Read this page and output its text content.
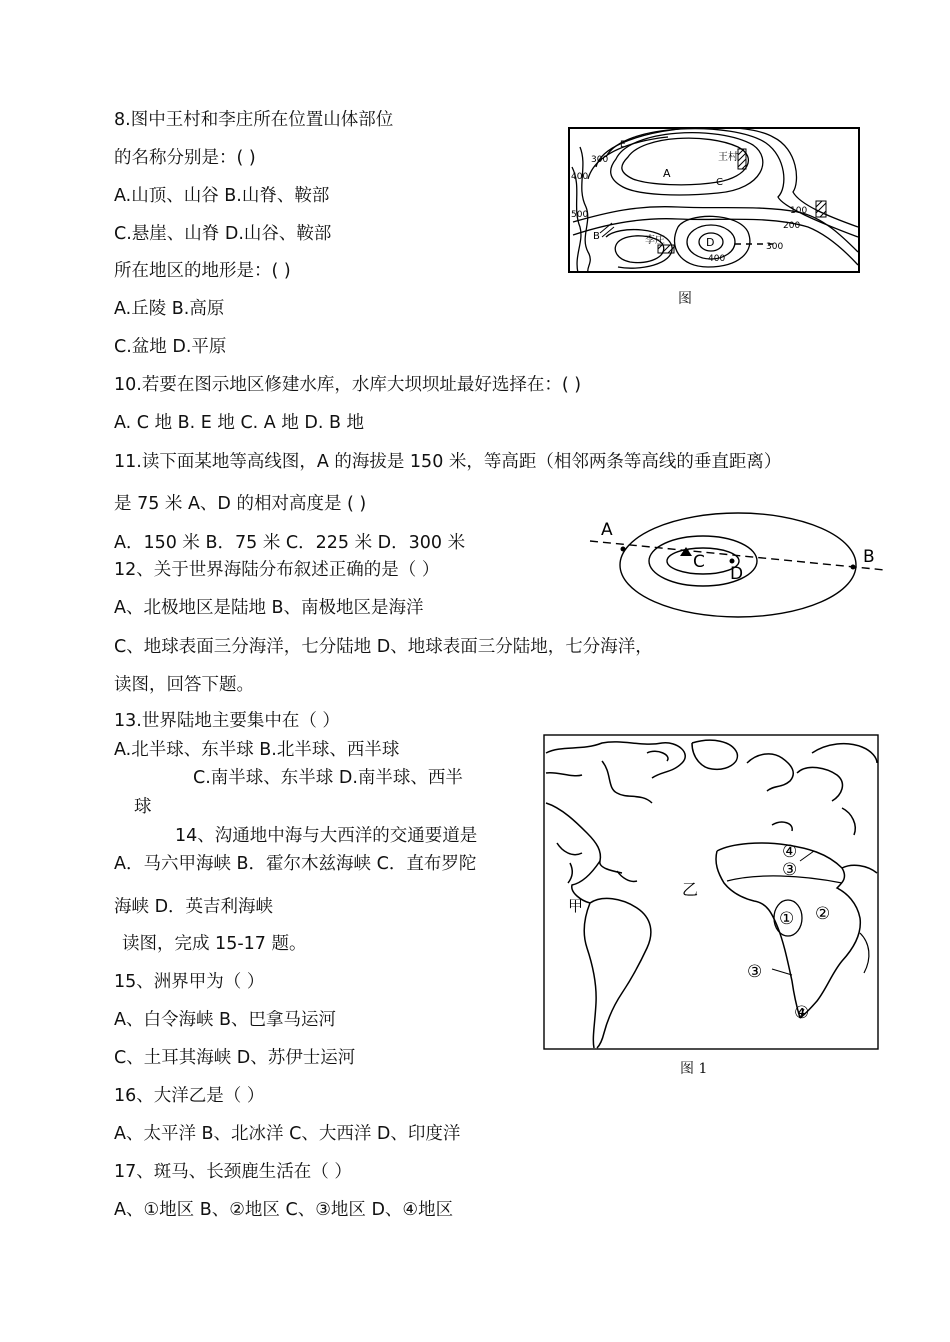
8.图中王村和李庄所在位置山体部位
的名称分别是：( )
A.山顶、山谷 B.山脊、鞍部
C.悬崖、山脊 D.山谷、鞍部
所在地区的地形是：( )
A.丘陵 B.高原
C.盆地 D.平原
10.若要在图示地区修建水库，水库大坝坝址最好选择在：( )
A. C 地 B. E 地 C. A 地 D. B 地
11.读下面某地等高线图，A 的海拔是 150 米，等高距（相邻两条等高线的垂直距离）
是 75 米 A、D 的相对高度是 ( )
A．150 米 B．75 米 C．225 米 D．300 米
12、关于世界海陆分布叙述正确的是（ ）
A、北极地区是陆地 B、南极地区是海洋
C、地球表面三分海洋，七分陆地 D、地球表面三分陆地，七分海洋，
读图，回答下题。
13.世界陆地主要集中在（ ）
A.北半球、东半球 B.北半球、西半球
C.南半球、东半球 D.南半球、西半
球
14、沟通地中海与大西洋的交通要道是
A．马六甲海峡 B．霍尔木兹海峡 C．直布罗陀
海峡 D．英吉利海峡
读图，完成 15-17 题。
15、洲界甲为（ ）
A、白令海峡 B、巴拿马运河
C、土耳其海峡 D、苏伊士运河
16、大洋乙是（ ）
A、太平洋 B、北冰洋 C、大西洋 D、印度洋
17、斑马、长颈鹿生活在（ ）
A、①地区 B、②地区 C、③地区 D、④地区
王村
李庄
A
B
C
D
E
100
200
300
300
400
400
500
图
A
B
C
D
甲
乙
① ②
③
③
④
④
图 1
